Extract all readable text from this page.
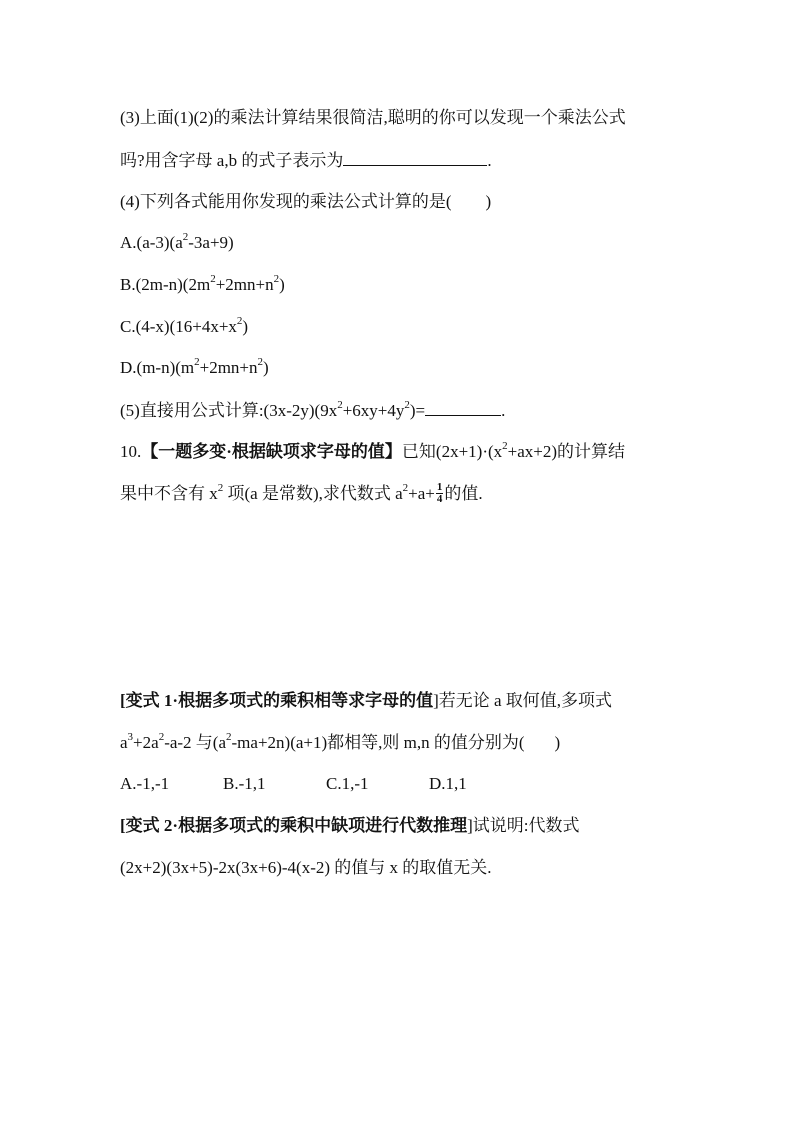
(3)上面(1)(2)的乘法计算结果很简洁,聪明的你可以发现一个乘法公式
吗?用含字母 a,b 的式子表示为	.
(4)下列各式能用你发现的乘法公式计算的是( )
$A.(a-3)(a^2-3a+9)$
$B.(2m-n)(2m^2+2mn+n^2)$
$C.(4-x)(16+4x+x^2)$
$D.(m-n)(m^2+2mn+n^2)$
(5)直接用公式计算$:(3x-2y)(9x^2+6xy+4y^2)=$	.
10.【一题多变·根据缺项求字母的值】已知$(2x+1)\cdot(x^2+ax+2)$的计算结
果中不含有 $x^2$ 项(a 是常数),求代数式 $a^2+a+ \frac{1}{4}$ 的值.
[变式 1·根据多项式的乘积相等求字母的值]若无论 a 取何值,多项式
$a^3+2a^2-a-2$ 与$(a^2-ma+2n)(a+1)$都相等,则 m,n 的值分别为( )
A.-1,-1	B.-1,1	C.1,-1	D.1,1
[变式 2·根据多项式的乘积中缺项进行代数推理]试说明:代数式
(2x+2)(3x+5)-2x(3x+6)-4(x-2) 的值与 x 的取值无关.
